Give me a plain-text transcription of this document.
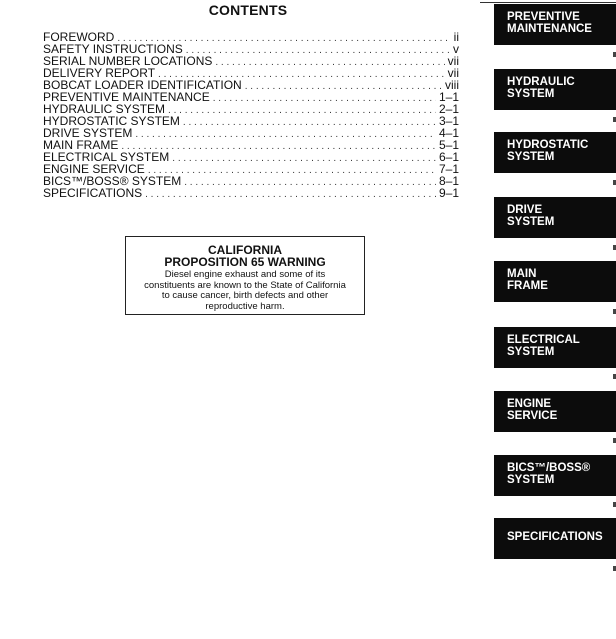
CONTENTS
FOREWORD . . .	ii
SAFETY INSTRUCTIONS . . .	v
SERIAL NUMBER LOCATIONS . . .	vii
DELIVERY REPORT . . .	vii
BOBCAT LOADER IDENTIFICATION . . .	viii
PREVENTIVE MAINTENANCE . . .	1–1
HYDRAULIC SYSTEM . . .	2–1
HYDROSTATIC SYSTEM . . .	3–1
DRIVE SYSTEM . . .	4–1
MAIN FRAME . . .	5–1
ELECTRICAL SYSTEM . . .	6–1
ENGINE SERVICE . . .	7–1
BICS™/BOSS® SYSTEM . . .	8–1
SPECIFICATIONS . . .	9–1
CALIFORNIA
PROPOSITION 65 WARNING
Diesel engine exhaust and some of its
constituents are known to the State of California
to cause cancer, birth defects and other
reproductive harm.
PREVENTIVE
MAINTENANCE
HYDRAULIC
SYSTEM
HYDROSTATIC
SYSTEM
DRIVE
SYSTEM
MAIN
FRAME
ELECTRICAL
SYSTEM
ENGINE
SERVICE
BICS™/BOSS®
SYSTEM
SPECIFICATIONS
